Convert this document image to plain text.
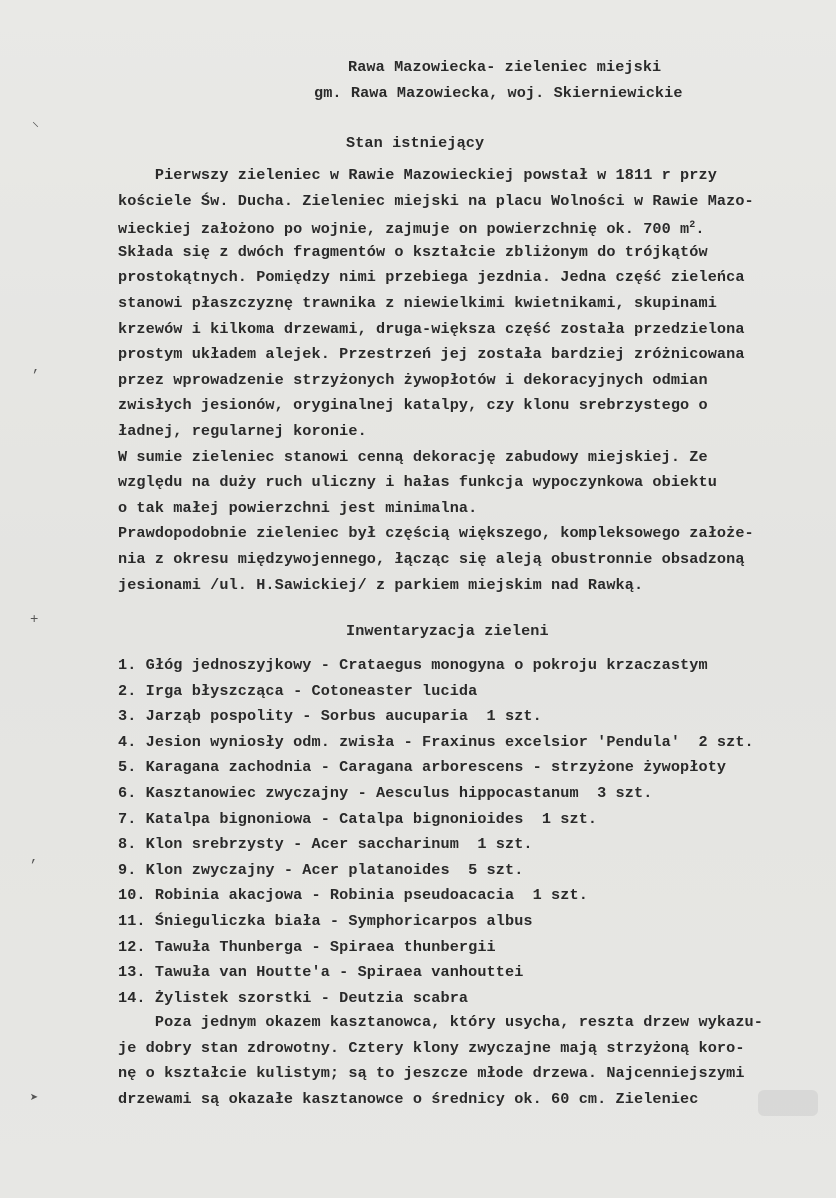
⸜
,
+
,
➤
Rawa Mazowiecka- zieleniec miejski
gm. Rawa Mazowiecka, woj. Skierniewickie
Stan istniejący
Pierwszy zieleniec w Rawie Mazowieckiej powstał w 1811 r przy
kościele Św. Ducha. Zieleniec miejski na placu Wolności w Rawie Mazo-
wieckiej założono po wojnie, zajmuje on powierzchnię ok. 700 $m^2$.
Składa się z dwóch fragmentów o kształcie zbliżonym do trójkątów
prostokątnych. Pomiędzy nimi przebiega jezdnia. Jedna część zieleńca
stanowi płaszczyznę trawnika z niewielkimi kwietnikami, skupinami
krzewów i kilkoma drzewami, druga-większa część została przedzielona
prostym układem alejek. Przestrzeń jej została bardziej zróżnicowana
przez wprowadzenie strzyżonych żywopłotów i dekoracyjnych odmian
zwisłych jesionów, oryginalnej katalpy, czy klonu srebrzystego o
ładnej, regularnej koronie.
W sumie zieleniec stanowi cenną dekorację zabudowy miejskiej. Ze
względu na duży ruch uliczny i hałas funkcja wypoczynkowa obiektu
o tak małej powierzchni jest minimalna.
Prawdopodobnie zieleniec był częścią większego, kompleksowego założe-
nia z okresu międzywojennego, łącząc się aleją obustronnie obsadzoną
jesionami /ul. H.Sawickiej/ z parkiem miejskim nad Rawką.
Inwentaryzacja zieleni
1. Głóg jednoszyjkowy - Crataegus monogyna o pokroju krzaczastym
2. Irga błyszcząca - Cotoneaster lucida
3. Jarząb pospolity - Sorbus aucuparia  1 szt.
4. Jesion wyniosły odm. zwisła - Fraxinus excelsior 'Pendula'  2 szt.
5. Karagana zachodnia - Caragana arborescens - strzyżone żywopłoty
6. Kasztanowiec zwyczajny - Aesculus hippocastanum  3 szt.
7. Katalpa bignoniowa - Catalpa bignonioides  1 szt.
8. Klon srebrzysty - Acer saccharinum  1 szt.
9. Klon zwyczajny - Acer platanoides  5 szt.
10. Robinia akacjowa - Robinia pseudoacacia  1 szt.
11. Śnieguliczka biała - Symphoricarpos albus
12. Tawuła Thunberga - Spiraea thunbergii
13. Tawuła van Houtte'a - Spiraea vanhouttei
14. Żylistek szorstki - Deutzia scabra
Poza jednym okazem kasztanowca, który usycha, reszta drzew wykazu-
je dobry stan zdrowotny. Cztery klony zwyczajne mają strzyżoną koro-
nę o kształcie kulistym; są to jeszcze młode drzewa. Najcenniejszymi
drzewami są okazałe kasztanowce o średnicy ok. 60 cm. Zieleniec
